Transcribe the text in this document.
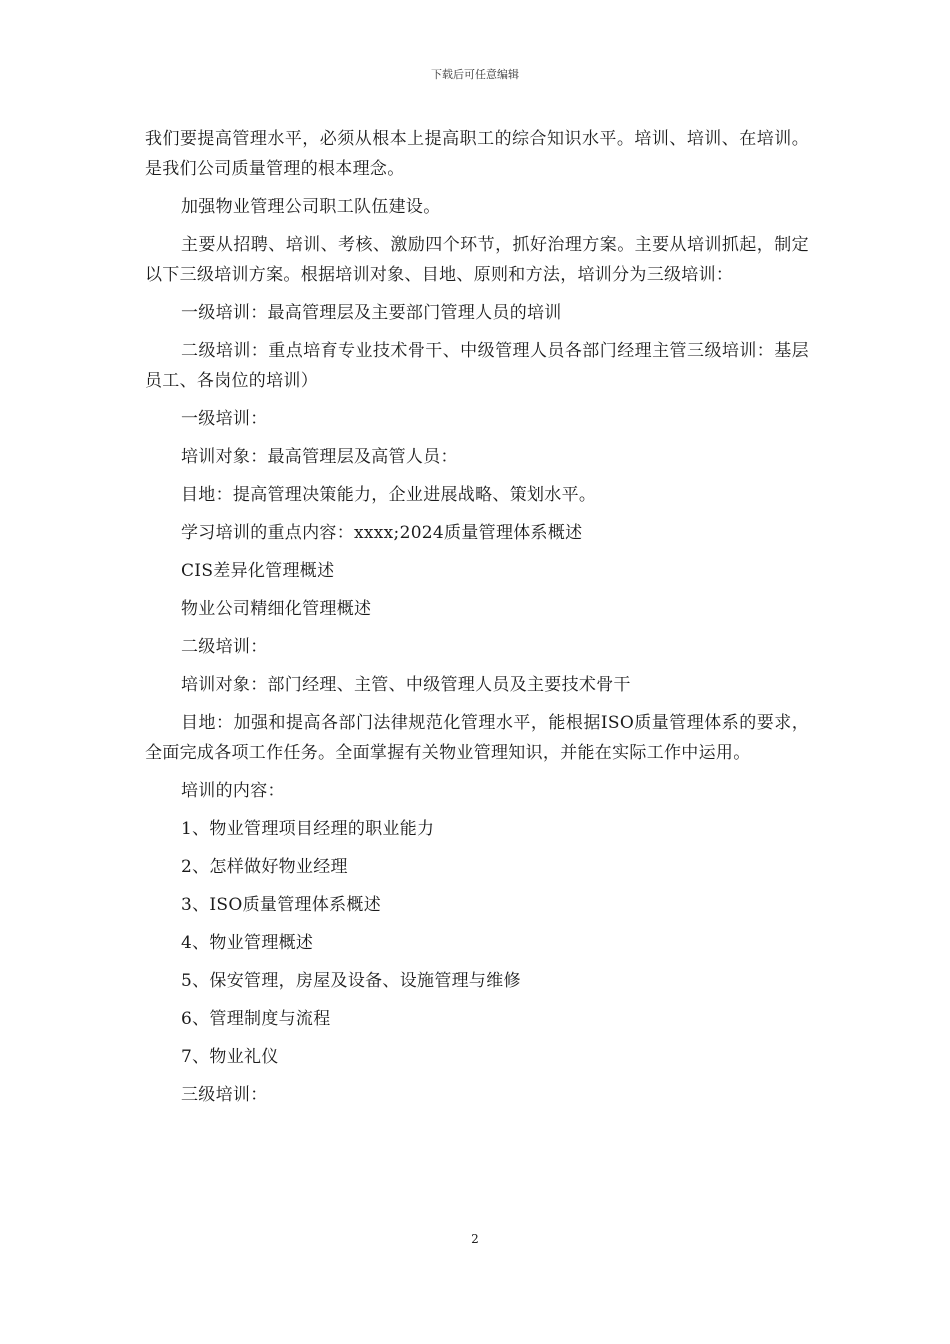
下载后可任意编辑

我们要提高管理水平，必须从根本上提高职工的综合知识水平。培训、培训、在培训。是我们公司质量管理的根本理念。

加强物业管理公司职工队伍建设。

主要从招聘、培训、考核、激励四个环节，抓好治理方案。主要从培训抓起，制定以下三级培训方案。根据培训对象、目地、原则和方法，培训分为三级培训：

一级培训：最高管理层及主要部门管理人员的培训

二级培训：重点培育专业技术骨干、中级管理人员各部门经理主管三级培训：基层员工、各岗位的培训）

一级培训：

培训对象：最高管理层及高管人员：

目地：提高管理决策能力，企业进展战略、策划水平。

学习培训的重点内容：xxxx;2024质量管理体系概述

CIS差异化管理概述

物业公司精细化管理概述

二级培训：

培训对象：部门经理、主管、中级管理人员及主要技术骨干

目地：加强和提高各部门法律规范化管理水平，能根据ISO质量管理体系的要求，全面完成各项工作任务。全面掌握有关物业管理知识，并能在实际工作中运用。

培训的内容：

1、物业管理项目经理的职业能力

2、怎样做好物业经理

3、ISO质量管理体系概述

4、物业管理概述

5、保安管理，房屋及设备、设施管理与维修

6、管理制度与流程

7、物业礼仪

三级培训：

2
